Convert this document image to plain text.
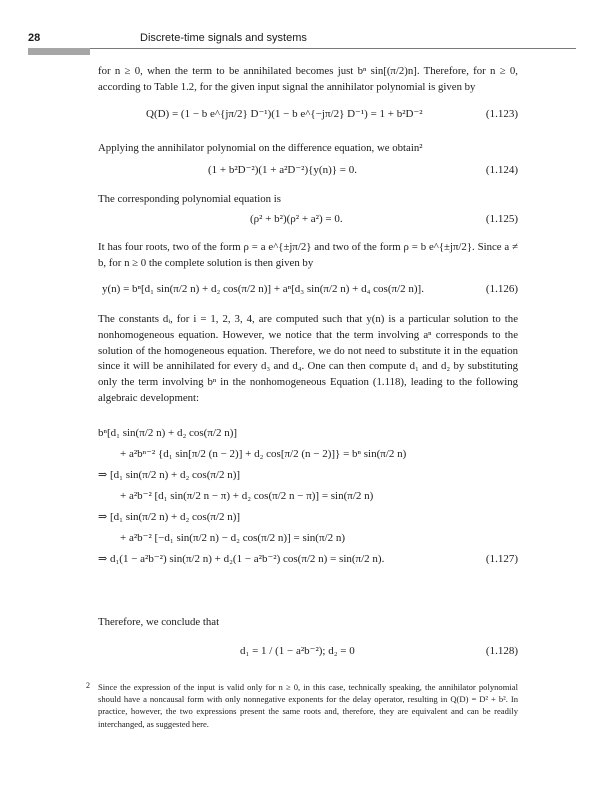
28	Discrete-time signals and systems
for n ≥ 0, when the term to be annihilated becomes just bⁿ sin[(π/2)n]. Therefore, for n ≥ 0, according to Table 1.2, for the given input signal the annihilator polynomial is given by
Q(D) = (1 − b e^{jπ/2} D⁻¹)(1 − b e^{−jπ/2} D⁻¹) = 1 + b²D⁻²	(1.123)
Applying the annihilator polynomial on the difference equation, we obtain²
(1 + b²D⁻²)(1 + a²D⁻²){y(n)} = 0.	(1.124)
The corresponding polynomial equation is
(ρ² + b²)(ρ² + a²) = 0.	(1.125)
It has four roots, two of the form ρ = a e^{±jπ/2} and two of the form ρ = b e^{±jπ/2}. Since a ≠ b, for n ≥ 0 the complete solution is then given by
y(n) = bⁿ[d₁ sin(π/2 n) + d₂ cos(π/2 n)] + aⁿ[d₃ sin(π/2 n) + d₄ cos(π/2 n)].	(1.126)
The constants dᵢ, for i = 1, 2, 3, 4, are computed such that y(n) is a particular solution to the nonhomogeneous equation. However, we notice that the term involving aⁿ corresponds to the solution of the homogeneous equation. Therefore, we do not need to substitute it in the equation since it will be annihilated for every d₃ and d₄. One can then compute d₁ and d₂ by substituting only the term involving bⁿ in the nonhomogeneous Equation (1.118), leading to the following algebraic development:
bⁿ[d₁ sin(π/2 n) + d₂ cos(π/2 n)]
+ a²bⁿ⁻² {d₁ sin[π/2 (n − 2)] + d₂ cos[π/2 (n − 2)]} = bⁿ sin(π/2 n)
⇒ [d₁ sin(π/2 n) + d₂ cos(π/2 n)]
+ a²b⁻² [d₁ sin(π/2 n − π) + d₂ cos(π/2 n − π)] = sin(π/2 n)
⇒ [d₁ sin(π/2 n) + d₂ cos(π/2 n)]
+ a²b⁻² [−d₁ sin(π/2 n) − d₂ cos(π/2 n)] = sin(π/2 n)
⇒ d₁(1 − a²b⁻²) sin(π/2 n) + d₂(1 − a²b⁻²) cos(π/2 n) = sin(π/2 n).	(1.127)
Therefore, we conclude that
d₁ = 1 / (1 − a²b⁻²); d₂ = 0	(1.128)
2 Since the expression of the input is valid only for n ≥ 0, in this case, technically speaking, the annihilator polynomial should have a noncausal form with only nonnegative exponents for the delay operator, resulting in Q(D) = D² + b². In practice, however, the two expressions present the same roots and, therefore, they are equivalent and can be readily interchanged, as suggested here.
